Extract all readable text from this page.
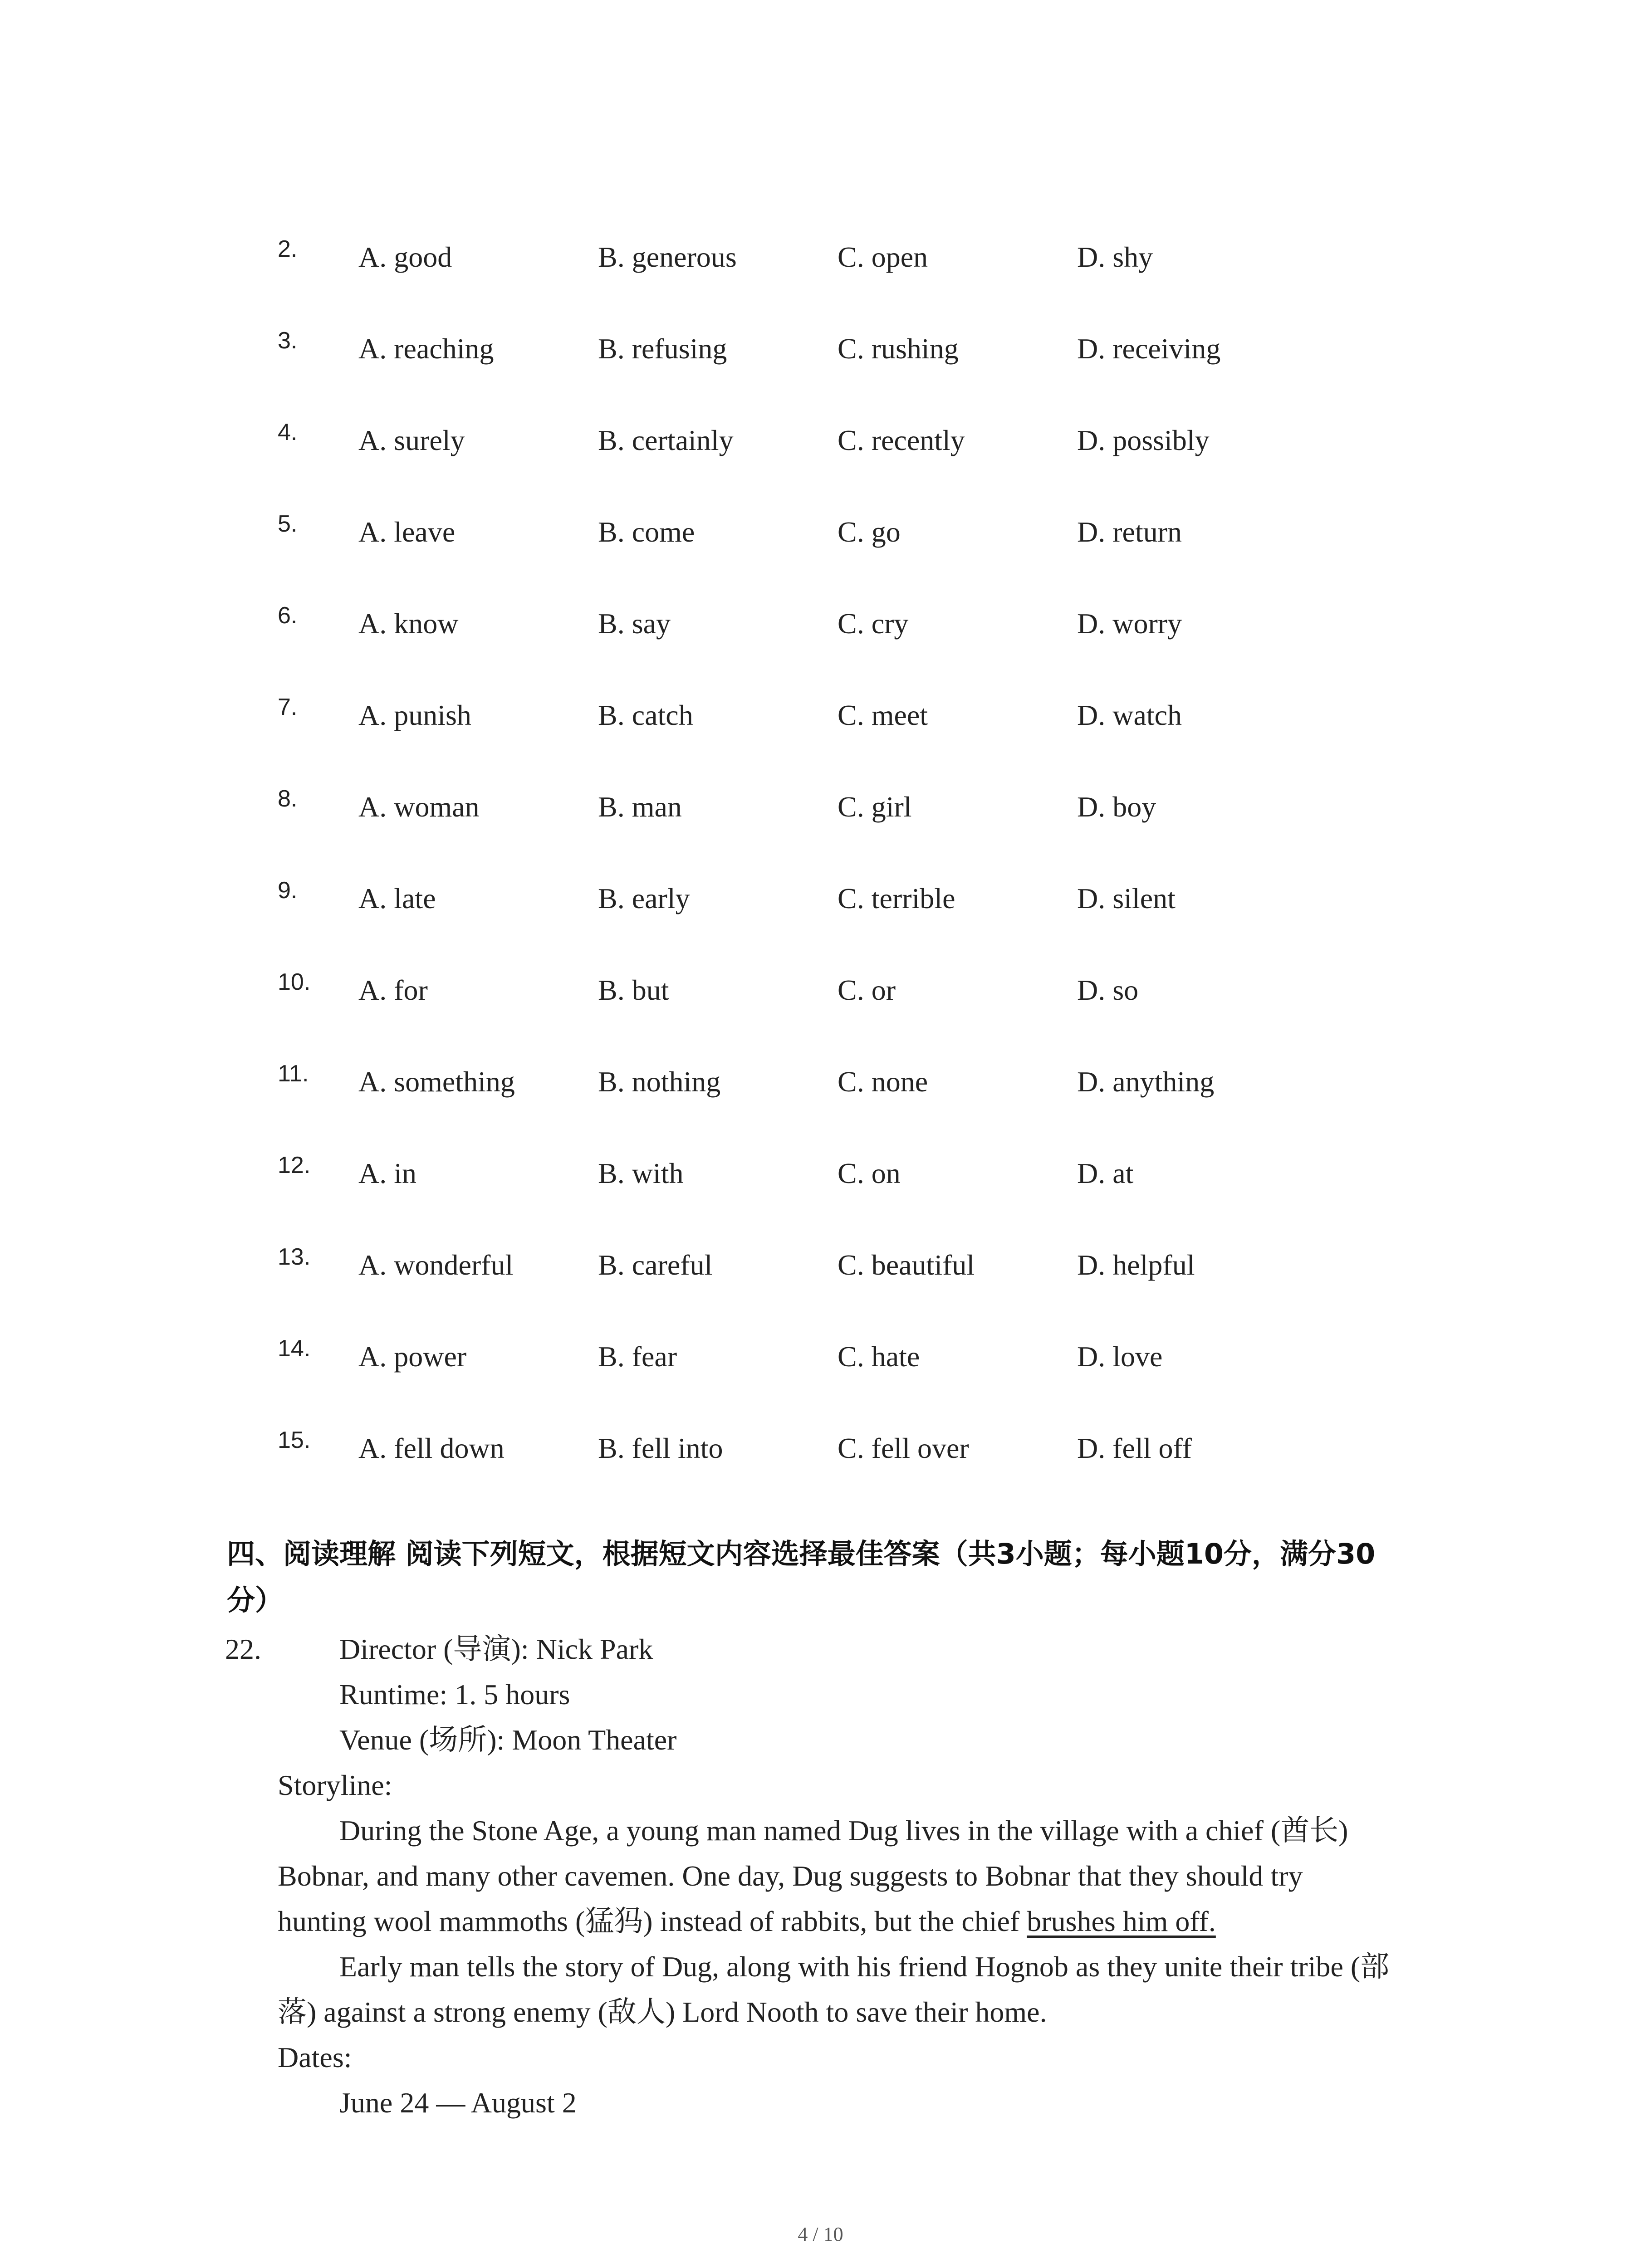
2. A. good	B. generous	C. open	D. shy
3. A. reaching	B. refusing	C. rushing	D. receiving
4. A. surely	B. certainly	C. recently	D. possibly
5. A. leave	B. come	C. go	D. return
6. A. know	B. say	C. cry	D. worry
7. A. punish	B. catch	C. meet	D. watch
8. A. woman	B. man	C. girl	D. boy
9. A. late	B. early	C. terrible	D. silent
10. A. for	B. but	C. or	D. so
11. A. something	B. nothing	C. none	D. anything
12. A. in	B. with	C. on	D. at
13. A. wonderful	B. careful	C. beautiful	D. helpful
14. A. power	B. fear	C. hate	D. love
15. A. fell down	B. fell into	C. fell over	D. fell off
四、阅读理解 阅读下列短文，根据短文内容选择最佳答案（共3小题；每小题10分，满分30
分）
22.	Director (导演): Nick Park
Runtime: 1. 5 hours
Venue (场所): Moon Theater
Storyline:
During the Stone Age, a young man named Dug lives in the village with a chief (酋长)
Bobnar, and many other cavemen. One day, Dug suggests to Bobnar that they should try
hunting wool mammoths (猛犸) instead of rabbits, but the chief brushes him off.
Early man tells the story of Dug, along with his friend Hognob as they unite their tribe (部
落) against a strong enemy (敌人) Lord Nooth to save their home.
Dates:
June 24 — August 2
4 / 10
